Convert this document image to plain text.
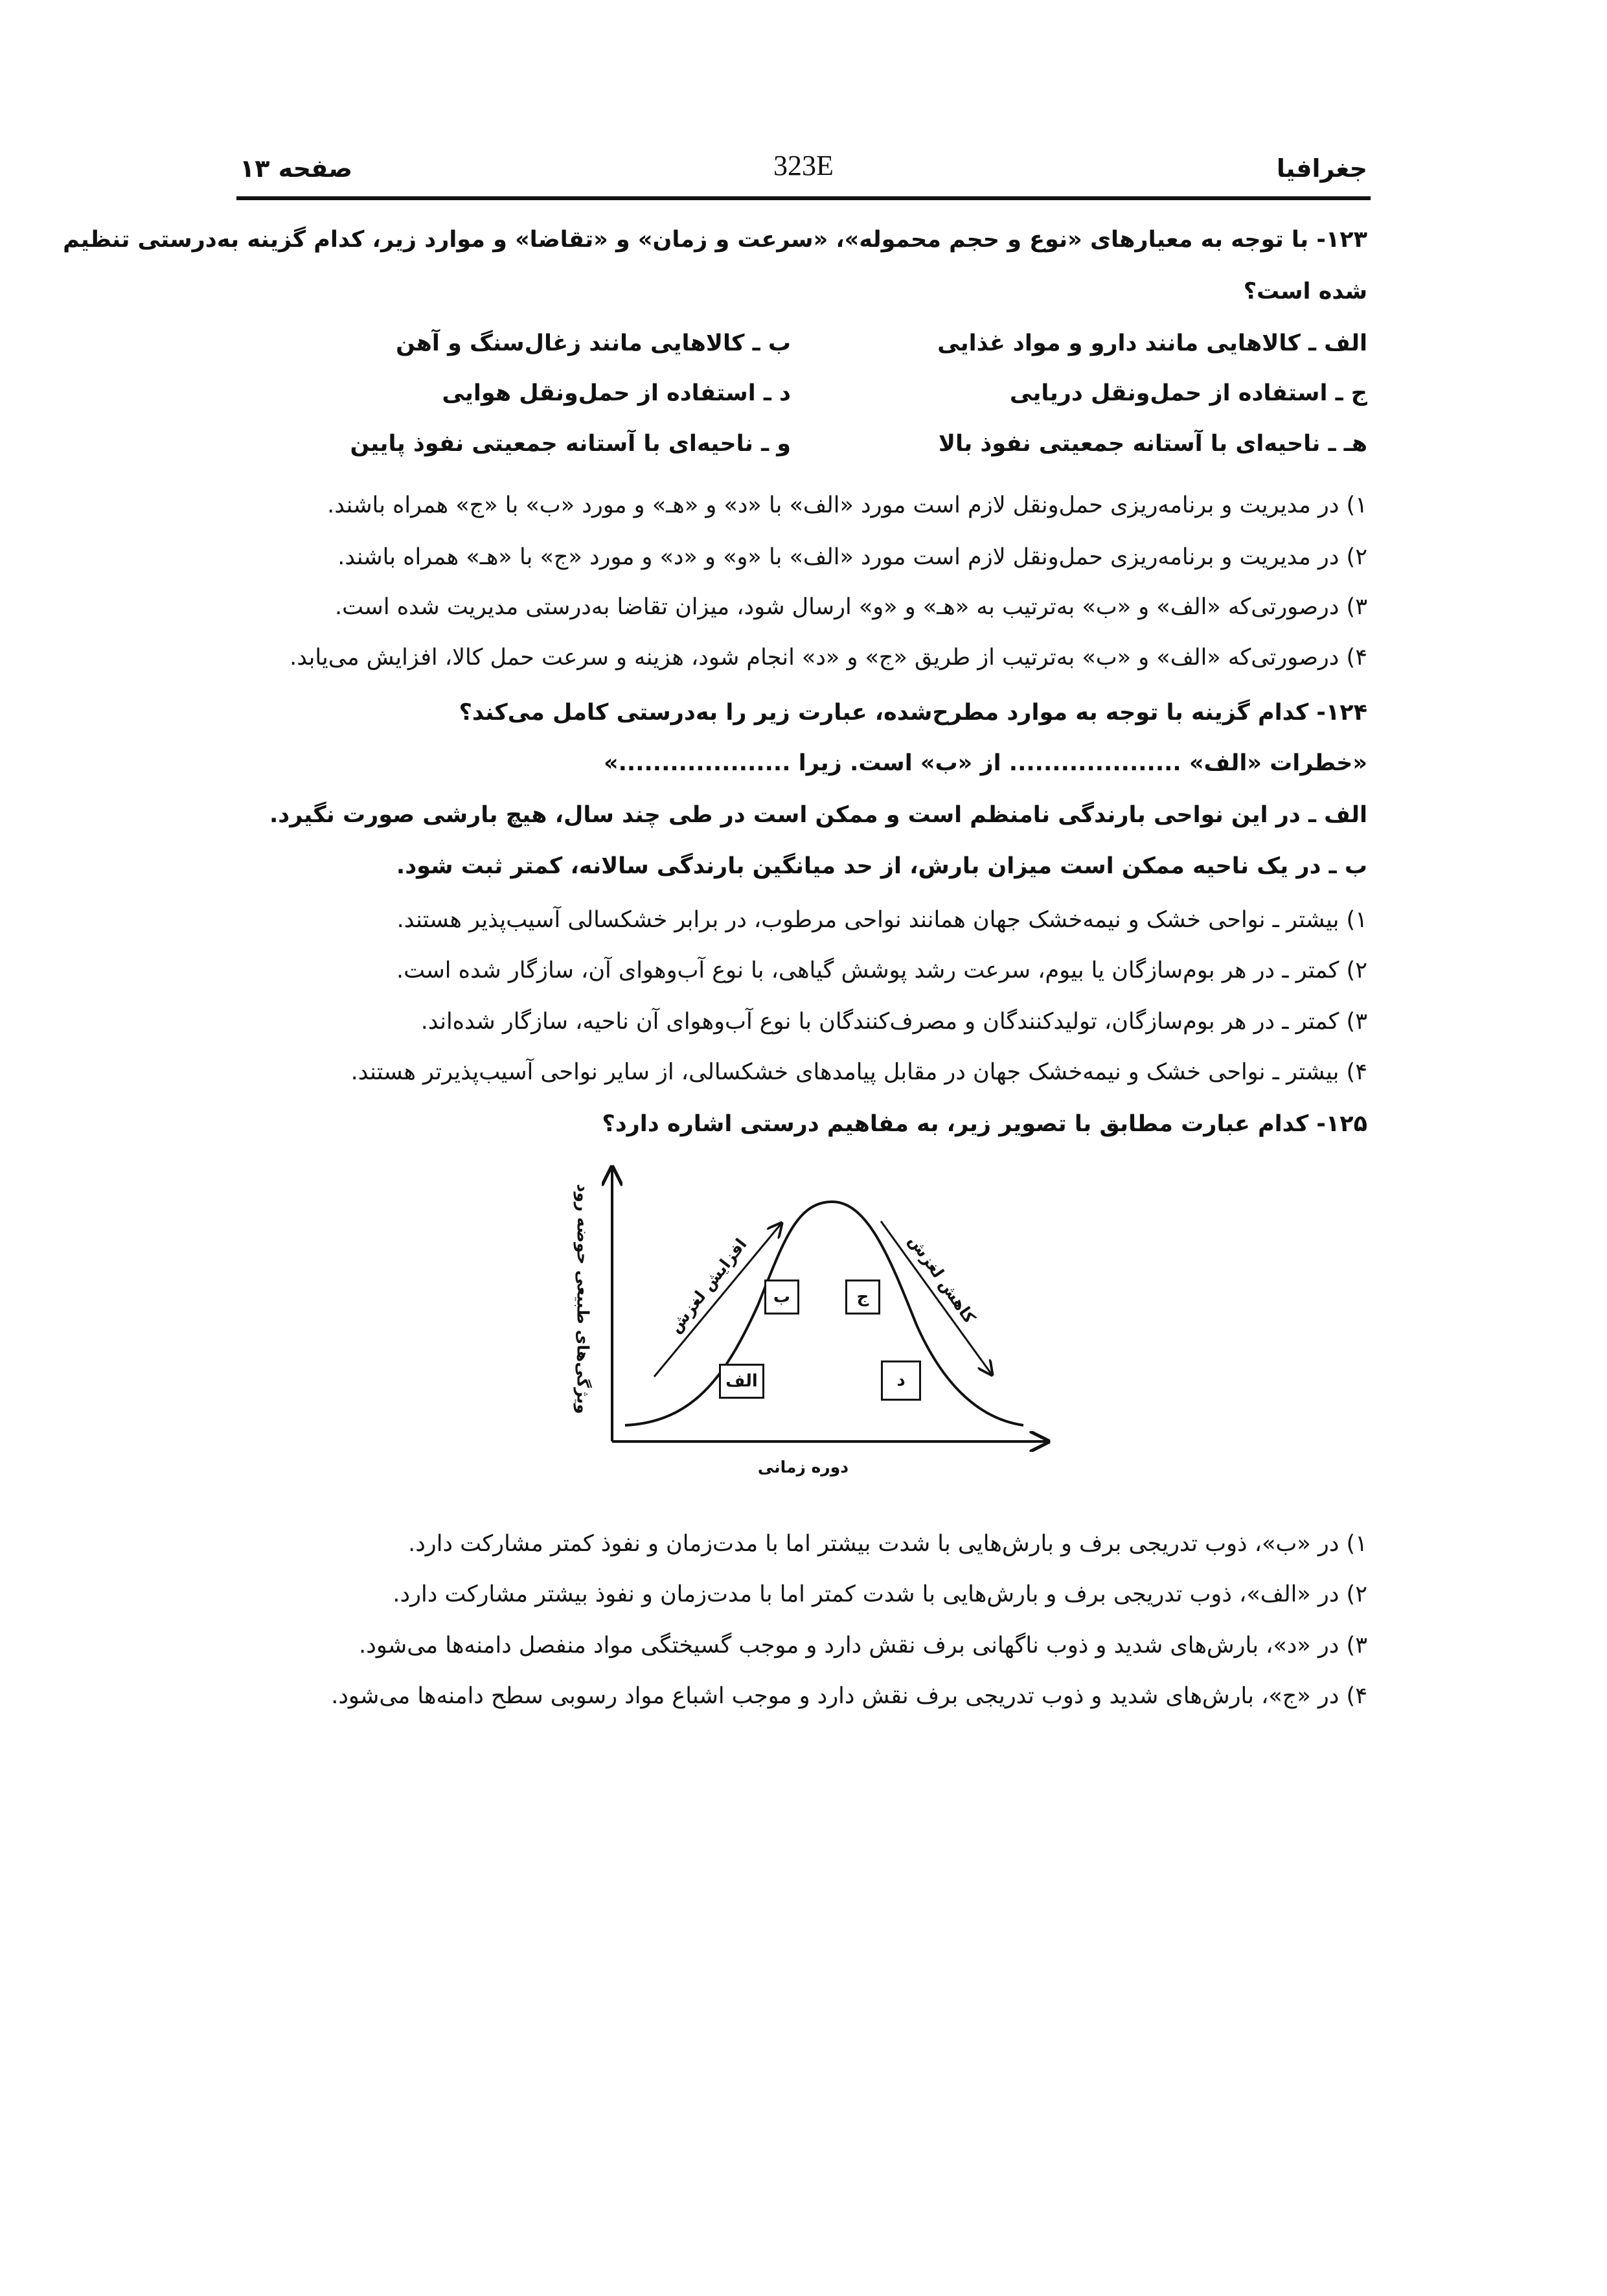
جغرافیا
323E
صفحه ۱۳
۱۲۳- با توجه به معیارهای «نوع و حجم محموله»، «سرعت و زمان» و «تقاضا» و موارد زیر، کدام گزینه به‌درستی تنظیم
شده است؟
الف ـ کالاهایی مانند دارو و مواد غذایی
ب ـ کالاهایی مانند زغال‌سنگ و آهن
ج ـ استفاده از حمل‌ونقل دریایی
د ـ استفاده از حمل‌ونقل هوایی
هـ ـ ناحیه‌ای با آستانه جمعیتی نفوذ بالا
و ـ ناحیه‌ای با آستانه جمعیتی نفوذ پایین
۱) در مدیریت و برنامه‌ریزی حمل‌ونقل لازم است مورد «الف» با «د» و «هـ» و مورد «ب» با «ج» همراه باشند.
۲) در مدیریت و برنامه‌ریزی حمل‌ونقل لازم است مورد «الف» با «و» و «د» و مورد «ج» با «هـ» همراه باشند.
۳) درصورتی‌که «الف» و «ب» به‌ترتیب به «هـ» و «و» ارسال شود، میزان تقاضا به‌درستی مدیریت شده است.
۴) درصورتی‌که «الف» و «ب» به‌ترتیب از طریق «ج» و «د» انجام شود، هزینه و سرعت حمل کالا، افزایش می‌یابد.
۱۲۴- کدام گزینه با توجه به موارد مطرح‌شده، عبارت زیر را به‌درستی کامل می‌کند؟
«خطرات «الف» .................... از «ب» است. زیرا ....................»
الف ـ در این نواحی بارندگی نامنظم است و ممکن است در طی چند سال، هیچ بارشی صورت نگیرد.
ب ـ در یک ناحیه ممکن است میزان بارش، از حد میانگین بارندگی سالانه، کمتر ثبت شود.
۱) بیشتر ـ نواحی خشک و نیمه‌خشک جهان همانند نواحی مرطوب، در برابر خشکسالی آسیب‌پذیر هستند.
۲) کمتر ـ در هر بوم‌سازگان یا بیوم، سرعت رشد پوشش گیاهی، با نوع آب‌وهوای آن، سازگار شده است.
۳) کمتر ـ در هر بوم‌سازگان، تولیدکنندگان و مصرف‌کنندگان با نوع آب‌وهوای آن ناحیه، سازگار شده‌اند.
۴) بیشتر ـ نواحی خشک و نیمه‌خشک جهان در مقابل پیامدهای خشکسالی، از سایر نواحی آسیب‌پذیرتر هستند.
۱۲۵- کدام عبارت مطابق با تصویر زیر، به مفاهیم درستی اشاره دارد؟
ویژگی‌های طبیعی حوضه رود
دوره زمانی
افزایش لغزش	کاهش لغزش
الف
ب	ج
د
۱) در «ب»، ذوب تدریجی برف و بارش‌هایی با شدت بیشتر اما با مدت‌زمان و نفوذ کمتر مشارکت دارد.
۲) در «الف»، ذوب تدریجی برف و بارش‌هایی با شدت کمتر اما با مدت‌زمان و نفوذ بیشتر مشارکت دارد.
۳) در «د»، بارش‌های شدید و ذوب ناگهانی برف نقش دارد و موجب گسیختگی مواد منفصل دامنه‌ها می‌شود.
۴) در «ج»، بارش‌های شدید و ذوب تدریجی برف نقش دارد و موجب اشباع مواد رسوبی سطح دامنه‌ها می‌شود.
